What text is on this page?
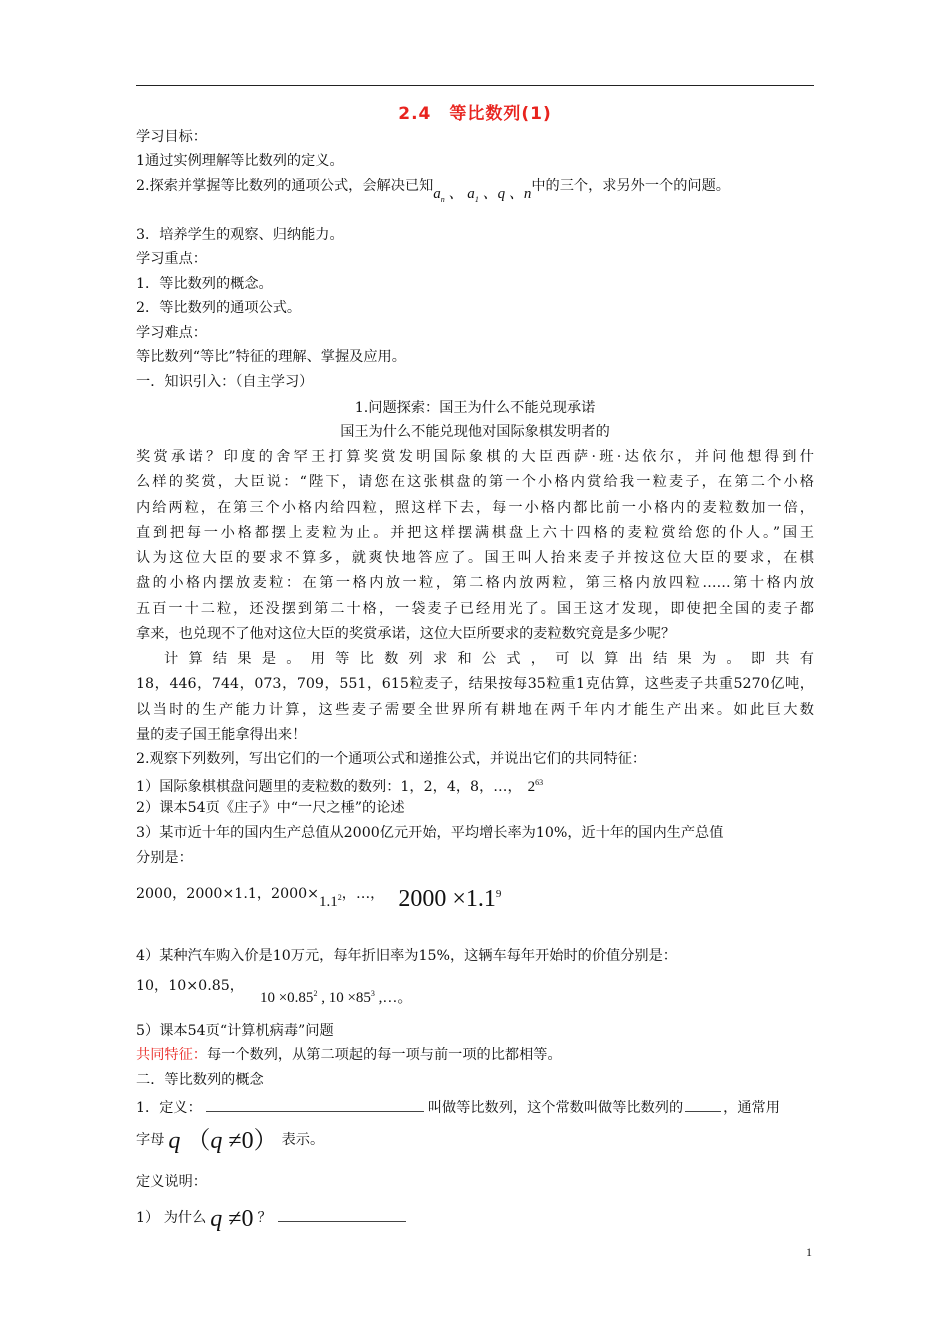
2.4　等比数列(1)
学习目标：
1通过实例理解等比数列的定义。
2.探索并掌握等比数列的通项公式，会解决已知$a_n$ 、 $a_1$ 、q 、n中的三个，求另外一个的问题。
3．培养学生的观察、归纳能力。
学习重点：
1．等比数列的概念。
2．等比数列的通项公式。
学习难点：
等比数列“等比”特征的理解、掌握及应用。
一．知识引入：（自主学习）
1.问题探索：国王为什么不能兑现承诺
国王为什么不能兑现他对国际象棋发明者的
奖赏承诺？印度的舍罕王打算奖赏发明国际象棋的大臣西萨·班·达依尔，并问他想得到什
么样的奖赏，大臣说：“陛下，请您在这张棋盘的第一个小格内赏给我一粒麦子，在第二个小格
内给两粒，在第三个小格内给四粒，照这样下去，每一小格内都比前一小格内的麦粒数加一倍，
直到把每一小格都摆上麦粒为止。并把这样摆满棋盘上六十四格的麦粒赏给您的仆人。”国王
认为这位大臣的要求不算多，就爽快地答应了。国王叫人抬来麦子并按这位大臣的要求，在棋
盘的小格内摆放麦粒：在第一格内放一粒，第二格内放两粒，第三格内放四粒……第十格内放
五百一十二粒，还没摆到第二十格，一袋麦子已经用光了。国王这才发现，即使把全国的麦子都
拿来，也兑现不了他对这位大臣的奖赏承诺，这位大臣所要求的麦粒数究竟是多少呢？
计算结果是。用等比数列求和公式，可以算出结果为。即共有
18，446，744，073，709，551，615粒麦子，结果按每35粒重1克估算，这些麦子共重5270亿吨，
以当时的生产能力计算，这些麦子需要全世界所有耕地在两千年内才能生产出来。如此巨大数
量的麦子国王能拿得出来！
2.观察下列数列，写出它们的一个通项公式和递推公式，并说出它们的共同特征：
1）国际象棋棋盘问题里的麦粒数的数列：1，2，4，8，…， $2^{63}$
2）课本54页《庄子》中“一尺之棰”的论述
3）某市近十年的国内生产总值从2000亿元开始，平均增长率为10%，近十年的国内生产总值
分别是：
2000，2000×1.1，$2000\times 1.1^2$，…， $2000 \times 1.1^9$
4）某种汽车购入价是10万元，每年折旧率为15%，这辆车每年开始时的价值分别是：
10，10×0.85，$10 \times 0.85^2$ , $10 \times 85^3$ ,…。
5）课本54页“计算机病毒”问题
共同特征：每一个数列，从第二项起的每一项与前一项的比都相等。
二．等比数列的概念
1．定义：	叫做等比数列，这个常数叫做等比数列的	，通常用
字母 q （q ≠0） 表示。
定义说明：
1） 为什么 q ≠0 ？
1
